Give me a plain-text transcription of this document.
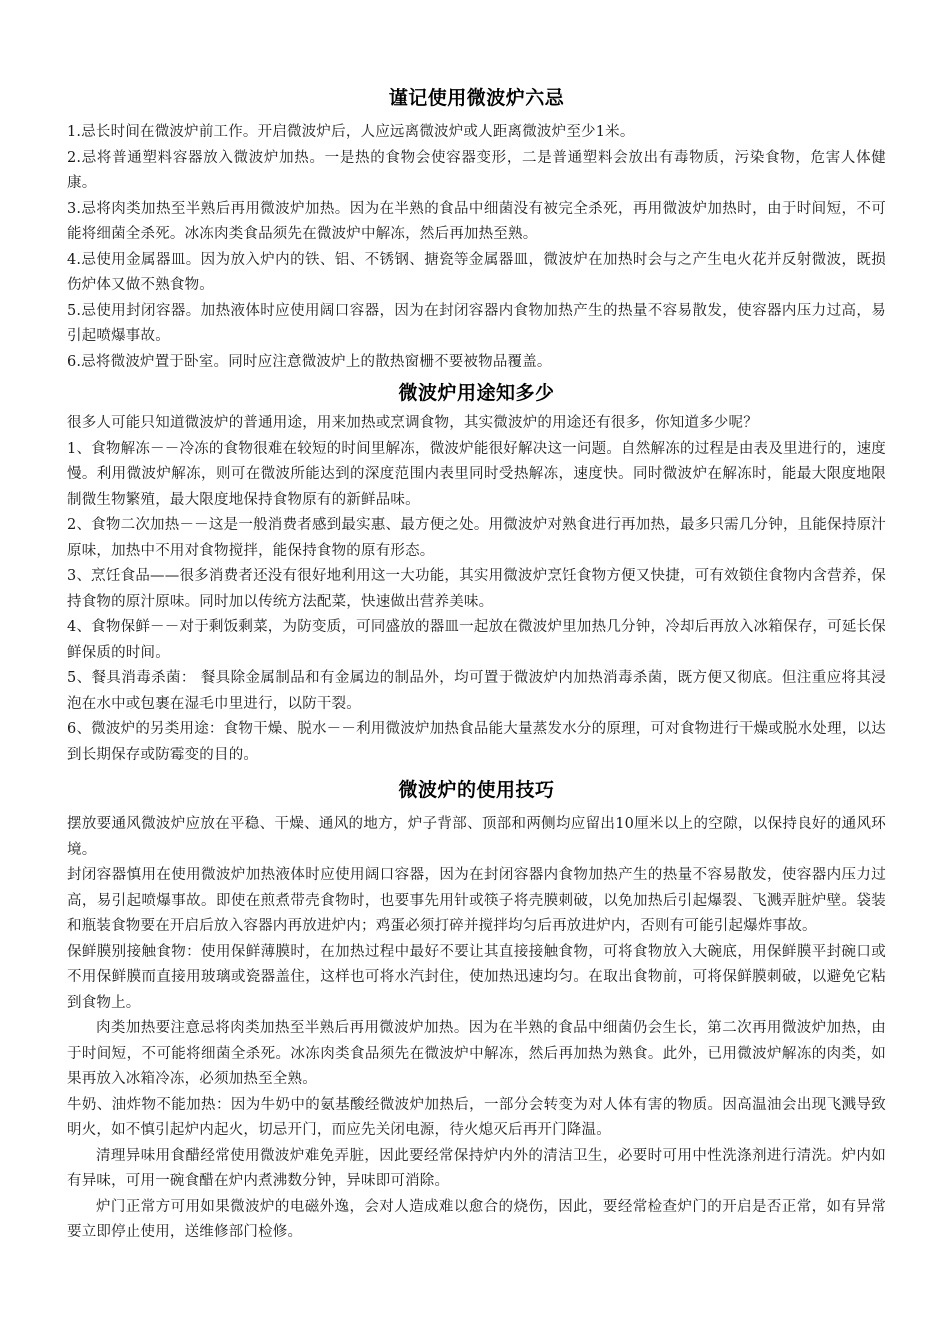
谨记使用微波炉六忌

1.忌长时间在微波炉前工作。开启微波炉后，人应远离微波炉或人距离微波炉至少1米。

2.忌将普通塑料容器放入微波炉加热。一是热的食物会使容器变形，二是普通塑料会放出有毒物质，污染食物，危害人体健康。

3.忌将肉类加热至半熟后再用微波炉加热。因为在半熟的食品中细菌没有被完全杀死，再用微波炉加热时，由于时间短，不可能将细菌全杀死。冰冻肉类食品须先在微波炉中解冻，然后再加热至熟。

4.忌使用金属器皿。因为放入炉内的铁、铝、不锈钢、搪瓷等金属器皿，微波炉在加热时会与之产生电火花并反射微波，既损伤炉体又做不熟食物。

5.忌使用封闭容器。加热液体时应使用阔口容器，因为在封闭容器内食物加热产生的热量不容易散发，使容器内压力过高，易引起喷爆事故。

6.忌将微波炉置于卧室。同时应注意微波炉上的散热窗栅不要被物品覆盖。

微波炉用途知多少

很多人可能只知道微波炉的普通用途，用来加热或烹调食物，其实微波炉的用途还有很多，你知道多少呢？

1、食物解冻－－冷冻的食物很难在较短的时间里解冻，微波炉能很好解决这一问题。自然解冻的过程是由表及里进行的，速度慢。利用微波炉解冻，则可在微波所能达到的深度范围内表里同时受热解冻，速度快。同时微波炉在解冻时，能最大限度地限制微生物繁殖，最大限度地保持食物原有的新鲜品味。

2、食物二次加热－－这是一般消费者感到最实惠、最方便之处。用微波炉对熟食进行再加热，最多只需几分钟，且能保持原汁原味，加热中不用对食物搅拌，能保持食物的原有形态。

3、烹饪食品——很多消费者还没有很好地利用这一大功能，其实用微波炉烹饪食物方便又快捷，可有效锁住食物内含营养，保持食物的原汁原味。同时加以传统方法配菜，快速做出营养美味。

4、食物保鲜－－对于剩饭剩菜，为防变质，可同盛放的器皿一起放在微波炉里加热几分钟，冷却后再放入冰箱保存，可延长保鲜保质的时间。

5、餐具消毒杀菌： 餐具除金属制品和有金属边的制品外，均可置于微波炉内加热消毒杀菌，既方便又彻底。但注重应将其浸泡在水中或包裹在湿毛巾里进行，以防干裂。

6、微波炉的另类用途：食物干燥、脱水－－利用微波炉加热食品能大量蒸发水分的原理，可对食物进行干燥或脱水处理，以达到长期保存或防霉变的目的。

微波炉的使用技巧

摆放要通风微波炉应放在平稳、干燥、通风的地方，炉子背部、顶部和两侧均应留出10厘米以上的空隙，以保持良好的通风环境。

封闭容器慎用在使用微波炉加热液体时应使用阔口容器，因为在封闭容器内食物加热产生的热量不容易散发，使容器内压力过高，易引起喷爆事故。即使在煎煮带壳食物时，也要事先用针或筷子将壳膜刺破，以免加热后引起爆裂、飞溅弄脏炉壁。袋装和瓶装食物要在开启后放入容器内再放进炉内；鸡蛋必须打碎并搅拌均匀后再放进炉内，否则有可能引起爆炸事故。

保鲜膜别接触食物：使用保鲜薄膜时，在加热过程中最好不要让其直接接触食物，可将食物放入大碗底，用保鲜膜平封碗口或不用保鲜膜而直接用玻璃或瓷器盖住，这样也可将水汽封住，使加热迅速均匀。在取出食物前，可将保鲜膜刺破，以避免它粘到食物上。

肉类加热要注意忌将肉类加热至半熟后再用微波炉加热。因为在半熟的食品中细菌仍会生长，第二次再用微波炉加热，由于时间短，不可能将细菌全杀死。冰冻肉类食品须先在微波炉中解冻，然后再加热为熟食。此外，已用微波炉解冻的肉类，如果再放入冰箱冷冻，必须加热至全熟。

牛奶、油炸物不能加热：因为牛奶中的氨基酸经微波炉加热后，一部分会转变为对人体有害的物质。因高温油会出现飞溅导致明火，如不慎引起炉内起火，切忌开门，而应先关闭电源，待火熄灭后再开门降温。

清理异味用食醋经常使用微波炉难免弄脏，因此要经常保持炉内外的清洁卫生，必要时可用中性洗涤剂进行清洗。炉内如有异味，可用一碗食醋在炉内煮沸数分钟，异味即可消除。

炉门正常方可用如果微波炉的电磁外逸，会对人造成难以愈合的烧伤，因此，要经常检查炉门的开启是否正常，如有异常要立即停止使用，送维修部门检修。
